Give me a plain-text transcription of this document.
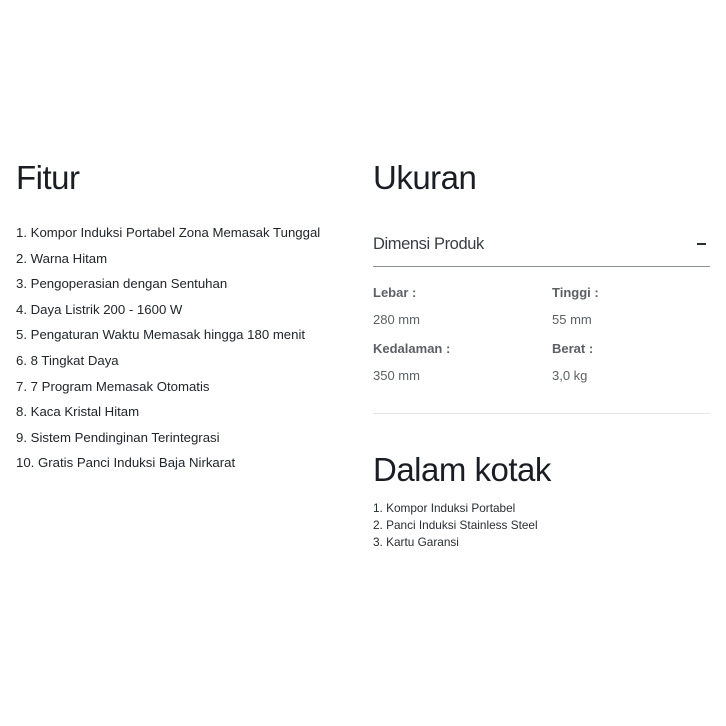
Fitur
1. Kompor Induksi Portabel Zona Memasak Tunggal
2. Warna Hitam
3. Pengoperasian dengan Sentuhan
4. Daya Listrik 200 - 1600 W
5. Pengaturan Waktu Memasak hingga 180 menit
6. 8 Tingkat Daya
7. 7 Program Memasak Otomatis
8. Kaca Kristal Hitam
9. Sistem Pendinginan Terintegrasi
10. Gratis Panci Induksi Baja Nirkarat
Ukuran
Dimensi Produk
Lebar :
280 mm
Tinggi :
55 mm
Kedalaman :
350 mm
Berat :
3,0 kg
Dalam kotak
1. Kompor Induksi Portabel
2. Panci Induksi Stainless Steel
3. Kartu Garansi
